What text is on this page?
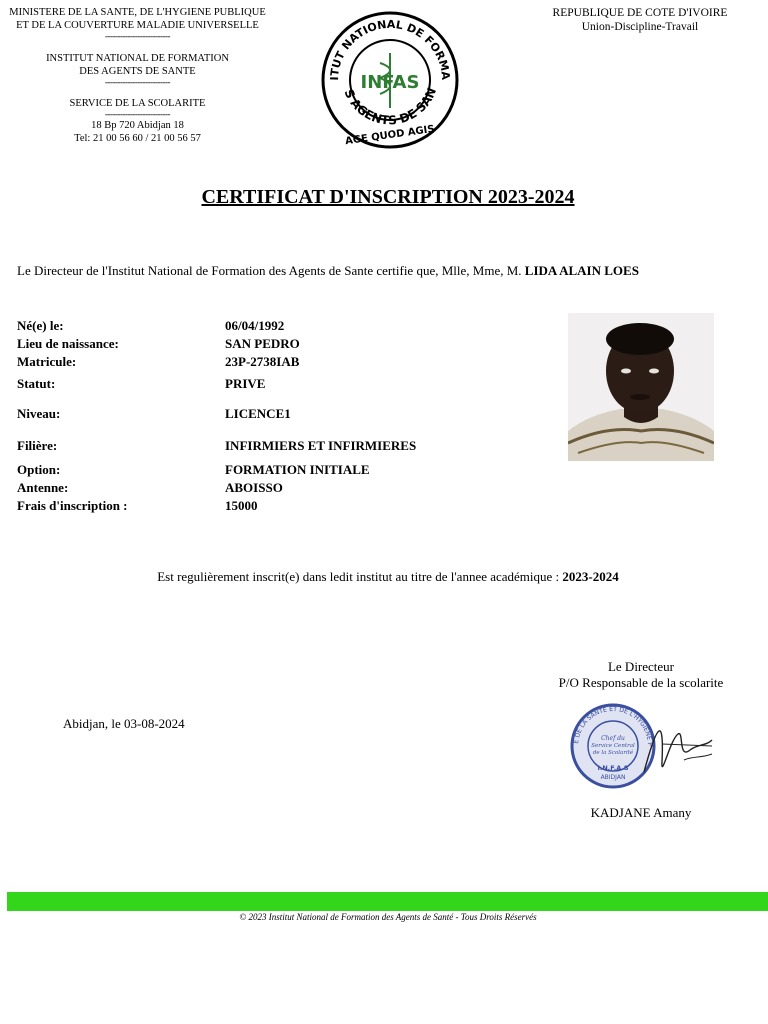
MINISTERE DE LA SANTE, DE L'HYGIENE PUBLIQUE
ET DE LA COUVERTURE MALADIE UNIVERSELLE
--------------------------
INSTITUT NATIONAL DE FORMATION
DES AGENTS DE SANTE
--------------------------
SERVICE DE LA SCOLARITE
--------------------------
18 Bp 720 Abidjan 18
Tel: 21 00 56 60 / 21 00 56 57
ITUT NATIONAL DE FORMA
S AGENTS DE SAN
INFAS
AGE QUOD AGIS
REPUBLIQUE DE COTE D'IVOIRE
Union-Discipline-Travail
CERTIFICAT D'INSCRIPTION 2023-2024
Le Directeur de l'Institut National de Formation des Agents de Sante certifie que, Mlle, Mme, M. LIDA ALAIN LOES
Né(e) le:	06/04/1992
Lieu de naissance:	SAN PEDRO
Matricule:	23P-2738IAB
Statut:	PRIVE
Niveau:	LICENCE1
Filière:	INFIRMIERS ET INFIRMIERES
Option:	FORMATION INITIALE
Antenne:	ABOISSO
Frais d'inscription :	15000
Est regulièrement inscrit(e) dans ledit institut au titre de l'annee académique : 2023-2024
Le Directeur
P/O Responsable de la scolarite
Abidjan, le 03-08-2024
E DE LA SANTE ET DE L'HYGIENE P
Chef du
Service Central
de la Scolarité
I.N.F.A.S
ABIDJAN
KADJANE Amany
© 2023 Institut National de Formation des Agents de Santé - Tous Droits Réservés
